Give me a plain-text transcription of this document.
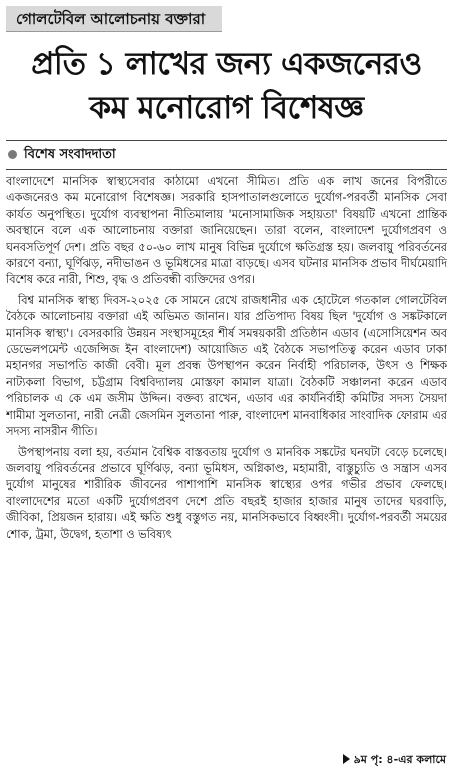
গোলটেবিল আলোচনায় বক্তারা
প্রতি ১ লাখের জন্য একজনেরও
কম মনোরোগ বিশেষজ্ঞ
বিশেষ সংবাদদাতা

বাংলাদেশে মানসিক স্বাস্থ্যসেবার কাঠামো এখনো সীমিত। প্রতি এক লাখ জনের বিপরীতে একজনেরও কম মনোরোগ বিশেষজ্ঞ। সরকারি হাসপাতালগুলোতে দুর্যোগ-পরবর্তী মানসিক সেবা কার্যত অনুপস্থিত। দুর্যোগ ব্যবস্থাপনা নীতিমালায় 'মনোসামাজিক সহায়তা' বিষয়টি এখনো প্রান্তিক অবস্থানে বলে এক আলোচনায় বক্তারা জানিয়েছেন। তারা বলেন, বাংলাদেশ দুর্যোগপ্রবণ ও ঘনবসতিপূর্ণ দেশ। প্রতি বছর ৫০-৬০ লাখ মানুষ বিভিন্ন দুর্যোগে ক্ষতিগ্রস্ত হয়। জলবায়ু পরিবর্তনের কারণে বন্যা, ঘূর্ণিঝড়, নদীভাঙন ও ভূমিধসের মাত্রা বাড়ছে। এসব ঘটনার মানসিক প্রভাব দীর্ঘমেয়াদি বিশেষ করে নারী, শিশু, বৃদ্ধ ও প্রতিবন্ধী ব্যক্তিদের ওপর।

বিশ্ব মানসিক স্বাস্থ্য দিবস-২০২৫ কে সামনে রেখে রাজধানীর এক হোটেলে গতকাল গোলটেবিল বৈঠকে আলোচনায় বক্তারা এই অভিমত জানান। যার প্রতিপাদ্য বিষয় ছিল 'দুর্যোগ ও সঙ্কটকালে মানসিক স্বাস্থ্য'। বেসরকারি উন্নয়ন সংস্থাসমূহের শীর্ষ সমন্বয়কারী প্রতিষ্ঠান এডাব (এসোসিয়েশন অব ডেভেলপমেন্ট এজেন্সিজ ইন বাংলাদেশ) আয়োজিত এই বৈঠকে সভাপতিত্ব করেন এডাব ঢাকা মহানগর সভাপতি কাজী বেবী। মূল প্রবন্ধ উপস্থাপন করেন নির্বাহী পরিচালক, উৎস ও শিক্ষক নাট্যকলা বিভাগ, চট্টগ্রাম বিশ্ববিদ্যালয় মোস্তফা কামাল যাত্রা। বৈঠকটি সঞ্চালনা করেন এডাব পরিচালক এ কে এম জসীম উদ্দিন। বক্তব্য রাখেন, এডাব এর কার্যনির্বাহী কমিটির সদস্য সৈয়দা শামীমা সুলতানা, নারী নেত্রী জেসমিন সুলতানা পারু, বাংলাদেশ মানবাধিকার সাংবাদিক ফোরাম এর সদস্য নাসরীন গীতি।

উপস্থাপনায় বলা হয়, বর্তমান বৈশ্বিক বাস্তবতায় দুর্যোগ ও মানবিক সঙ্কটের ঘনঘটা বেড়ে চলেছে। জলবায়ু পরিবর্তনের প্রভাবে ঘূর্ণিঝড়, বন্যা ভূমিধস, অগ্নিকাণ্ড, মহামারী, বাস্তুচ্যুতি ও সন্ত্রাস এসব দুর্যোগ মানুষের শারীরিক জীবনের পাশাপাশি মানসিক স্বাস্থ্যের ওপর গভীর প্রভাব ফেলছে। বাংলাদেশের মতো একটি দুর্যোগপ্রবণ দেশে প্রতি বছরই হাজার হাজার মানুষ তাদের ঘরবাড়ি, জীবিকা, প্রিয়জন হারায়। এই ক্ষতি শুধু বস্তুগত নয়, মানসিকভাবে বিধ্বংসী। দুর্যোগ-পরবর্তী সময়ের শোক, ট্রমা, উদ্বেগ, হতাশা ও ভবিষ্যৎ

৯ম পৃ: ৪-এর কলামে
